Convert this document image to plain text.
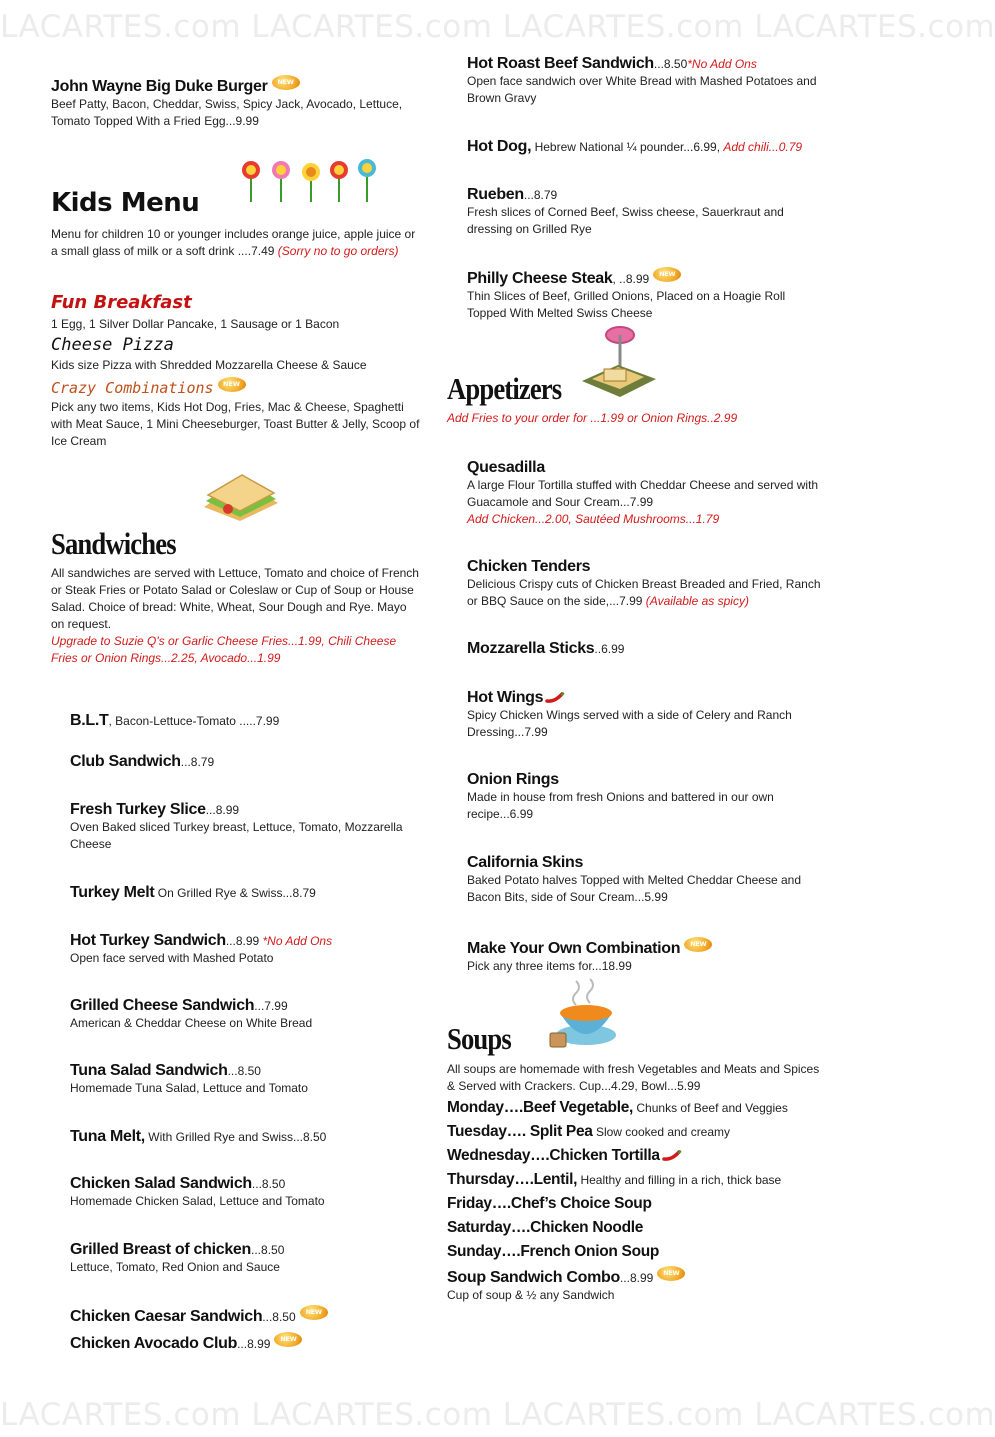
LACARTES.com LACARTES.com LACARTES.com LACARTES.com
LACARTES.com LACARTES.com LACARTES.com LACARTES.com
John Wayne Big Duke Burger NEW
Beef Patty, Bacon, Cheddar, Swiss, Spicy Jack, Avocado, Lettuce, Tomato Topped With a Fried Egg...9.99
Kids Menu
Menu for children 10 or younger includes orange juice, apple juice or a small glass of milk or a soft drink ....7.49 (Sorry no to go orders)
Fun Breakfast
1 Egg, 1 Silver Dollar Pancake, 1 Sausage or 1 Bacon
Cheese Pizza
Kids size Pizza with Shredded Mozzarella Cheese & Sauce
Crazy Combinations NEW
Pick any two items, Kids Hot Dog, Fries, Mac & Cheese, Spaghetti with Meat Sauce, 1 Mini Cheeseburger, Toast Butter & Jelly, Scoop of Ice Cream
Sandwiches
All sandwiches are served with Lettuce, Tomato and choice of French or Steak Fries or Potato Salad or Coleslaw or Cup of Soup or House Salad. Choice of bread: White, Wheat, Sour Dough and Rye. Mayo on request.
Upgrade to Suzie Q's or Garlic Cheese Fries...1.99, Chili Cheese Fries or Onion Rings...2.25, Avocado...1.99
B.L.T, Bacon-Lettuce-Tomato .....7.99
Club Sandwich...8.79
Fresh Turkey Slice...8.99
Oven Baked sliced Turkey breast, Lettuce, Tomato, Mozzarella Cheese
Turkey Melt On Grilled Rye & Swiss...8.79
Hot Turkey Sandwich...8.99 *No Add Ons
Open face served with Mashed Potato
Grilled Cheese Sandwich...7.99
American & Cheddar Cheese on White Bread
Tuna Salad Sandwich...8.50
Homemade Tuna Salad, Lettuce and Tomato
Tuna Melt, With Grilled Rye and Swiss...8.50
Chicken Salad Sandwich...8.50
Homemade Chicken Salad, Lettuce and Tomato
Grilled Breast of chicken...8.50
Lettuce, Tomato, Red Onion and Sauce
Chicken Caesar Sandwich...8.50 NEW
Chicken Avocado Club...8.99 NEW
Hot Roast Beef Sandwich...8.50*No Add Ons
Open face sandwich over White Bread with Mashed Potatoes and Brown Gravy
Hot Dog, Hebrew National ¼ pounder...6.99, Add chili...0.79
Rueben...8.79
Fresh slices of Corned Beef, Swiss cheese, Sauerkraut and dressing on Grilled Rye
Philly Cheese Steak, ..8.99 NEW
Thin Slices of Beef, Grilled Onions, Placed on a Hoagie Roll Topped With Melted Swiss Cheese
Appetizers
Add Fries to your order for ...1.99 or Onion Rings..2.99
Quesadilla
A large Flour Tortilla stuffed with Cheddar Cheese and served with Guacamole and Sour Cream...7.99
Add Chicken...2.00, Sautéed Mushrooms...1.79
Chicken Tenders
Delicious Crispy cuts of Chicken Breast Breaded and Fried, Ranch or BBQ Sauce on the side,...7.99 (Available as spicy)
Mozzarella Sticks..6.99
Hot Wings
Spicy Chicken Wings served with a side of Celery and Ranch Dressing...7.99
Onion Rings
Made in house from fresh Onions and battered in our own recipe...6.99
California Skins
Baked Potato halves Topped with Melted Cheddar Cheese and Bacon Bits, side of Sour Cream...5.99
Make Your Own Combination NEW
Pick any three items for...18.99
Soups
All soups are homemade with fresh Vegetables and Meats and Spices & Served with Crackers. Cup...4.29, Bowl...5.99
Monday….Beef Vegetable, Chunks of Beef and Veggies
Tuesday…. Split Pea Slow cooked and creamy
Wednesday….Chicken Tortilla
Thursday….Lentil, Healthy and filling in a rich, thick base
Friday….Chef’s Choice Soup
Saturday….Chicken Noodle
Sunday….French Onion Soup
Soup Sandwich Combo...8.99 NEW
Cup of soup & ½ any Sandwich
